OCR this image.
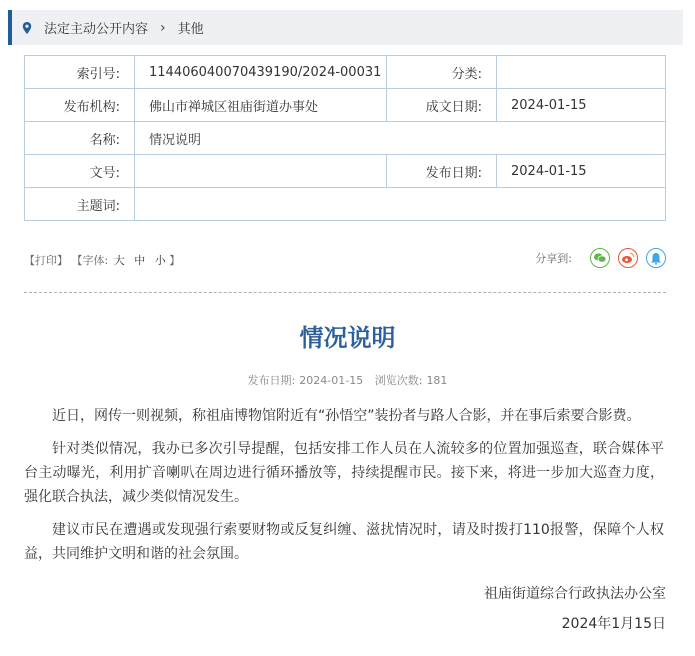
法定主动公开内容 › 其他
索引号:	114406040070439190/2024-00031	分类:	
发布机构:	佛山市禅城区祖庙街道办事处	成文日期:	2024-01-15
名称:	情况说明		
文号:		发布日期:	2024-01-15
主题词:			
【打印】 【字体: 大 中 小 】	分享到:
情况说明
发布日期: 2024-01-15 浏览次数: 181

近日，网传一则视频，称祖庙博物馆附近有“孙悟空”装扮者与路人合影，并在事后索要合影费。

针对类似情况，我办已多次引导提醒，包括安排工作人员在人流较多的位置加强巡查，联合媒体平台主动曝光，利用扩音喇叭在周边进行循环播放等，持续提醒市民。接下来，将进一步加大巡查力度，强化联合执法，减少类似情况发生。

建议市民在遭遇或发现强行索要财物或反复纠缠、滋扰情况时，请及时拨打110报警，保障个人权益，共同维护文明和谐的社会氛围。

祖庙街道综合行政执法办公室
2024年1月15日
